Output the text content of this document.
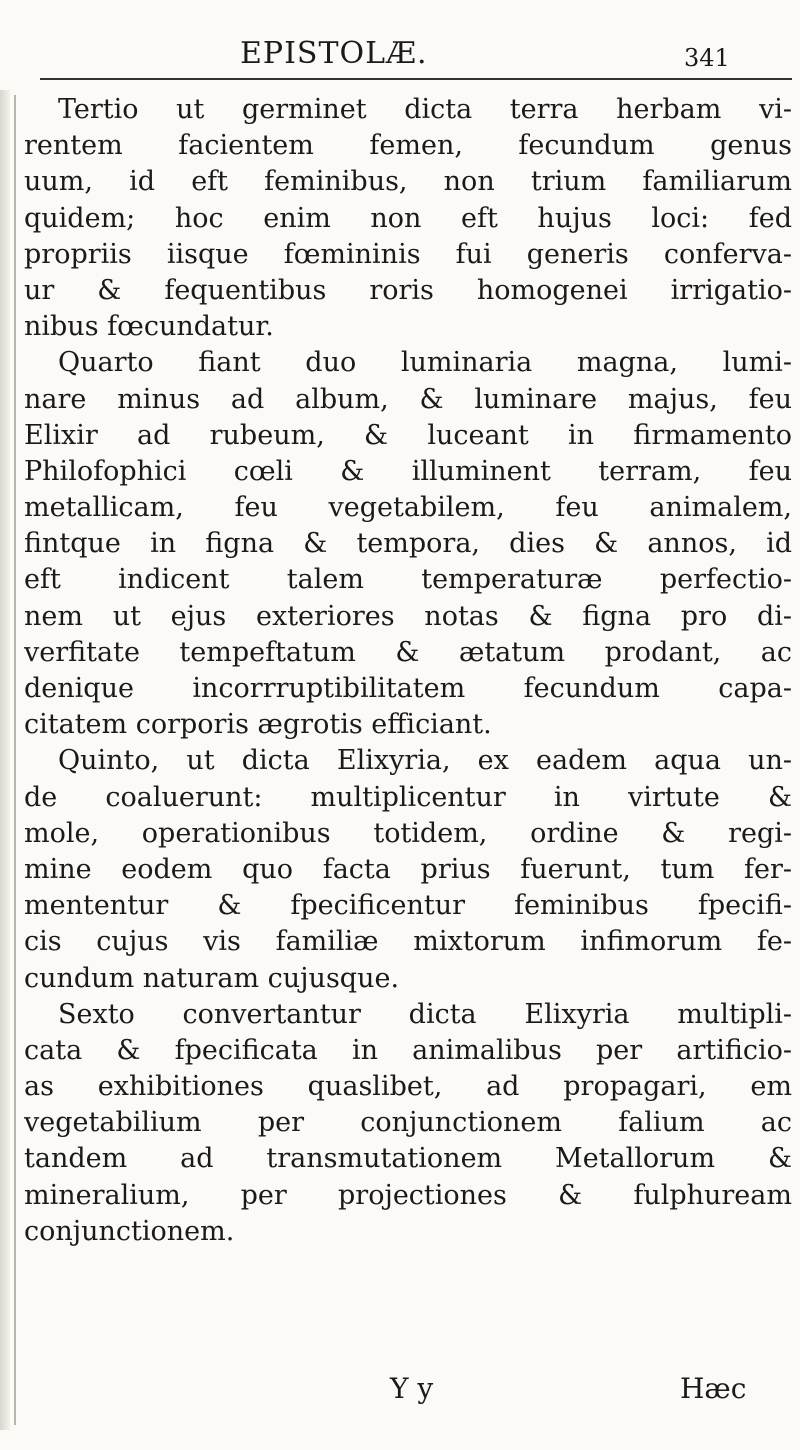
EPISTOLÆ.	341
Tertio ut germinet dicta terra herbam vi-
rentem facientem femen, fecundum genus
uum, id eft feminibus, non trium familiarum
quidem; hoc enim non eft hujus loci: fed
propriis iisque fœmininis fui generis conferva-
ur & fequentibus roris homogenei irrigatio-
nibus fœcundatur.
Quarto fiant duo luminaria magna, lumi-
nare minus ad album, & luminare majus, feu
Elixir ad rubeum, & luceant in firmamento
Philofophici cœli & illuminent terram, feu
metallicam, feu vegetabilem, feu animalem,
fintque in figna & tempora, dies & annos, id
eft indicent talem temperaturæ perfectio-
nem ut ejus exteriores notas & figna pro di-
verfitate tempeftatum & ætatum prodant, ac
denique incorrruptibilitatem fecundum capa-
citatem corporis ægrotis efficiant.
Quinto, ut dicta Elixyria, ex eadem aqua un-
de coaluerunt: multiplicentur in virtute &
mole, operationibus totidem, ordine & regi-
mine eodem quo facta prius fuerunt, tum fer-
mententur & fpecificentur feminibus fpecifi-
cis cujus vis familiæ mixtorum infimorum fe-
cundum naturam cujusque.
Sexto convertantur dicta Elixyria multipli-
cata & fpecificata in animalibus per artificio-
as exhibitiones quaslibet, ad propagari, em
vegetabilium per conjunctionem falium ac
tandem ad transmutationem Metallorum &
mineralium, per projectiones & fulphuream
conjunctionem.
Y y	Hæc
